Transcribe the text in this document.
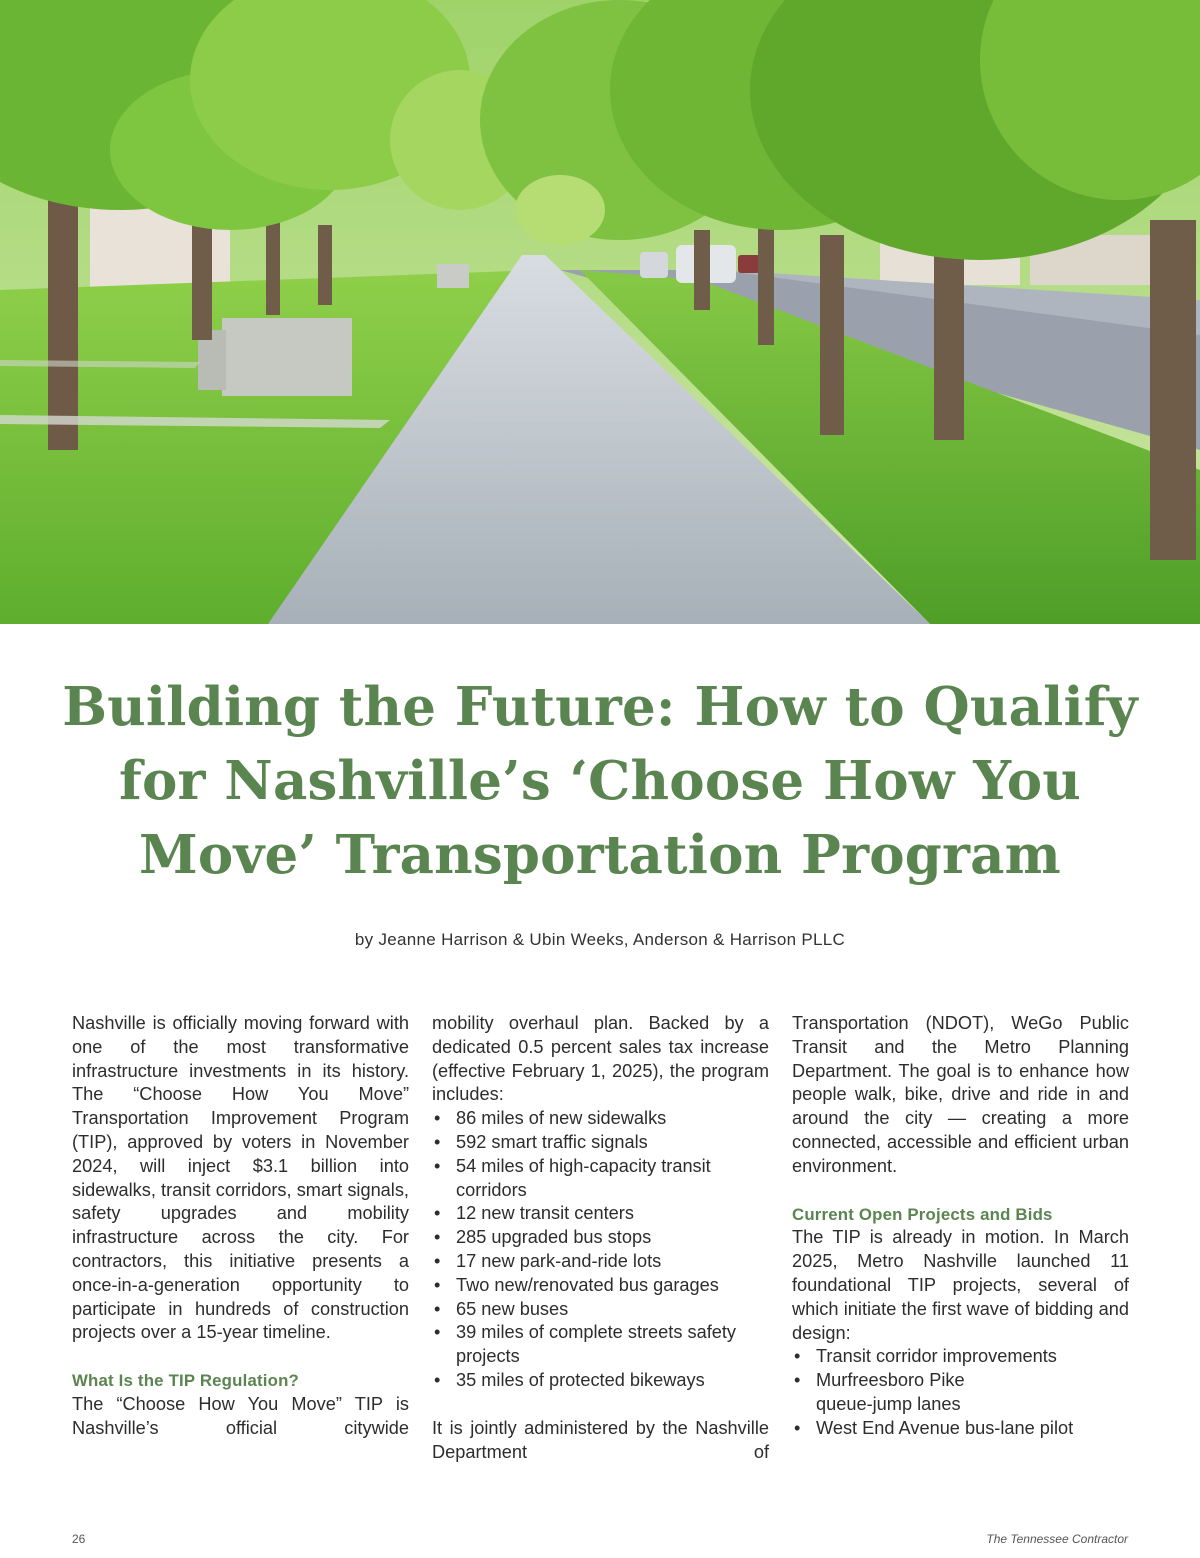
Building the Future: How to Qualify
for Nashville’s ‘Choose How You
Move’ Transportation Program
by Jeanne Harrison & Ubin Weeks, Anderson & Harrison PLLC

Nashville is officially moving forward with one of the most transformative infrastructure investments in its history. The “Choose How You Move” Transportation Improvement Program (TIP), approved by voters in November 2024, will inject $3.1 billion into sidewalks, transit corridors, smart signals, safety upgrades and mobility infrastructure across the city. For contractors, this initiative presents a once-in-a-generation opportunity to participate in hundreds of construction projects over a 15-year timeline.

What Is the TIP Regulation?

The “Choose How You Move” TIP is Nashville’s official citywide

mobility overhaul plan. Backed by a dedicated 0.5 percent sales tax increase (effective February 1, 2025), the program includes:

• 86 miles of new sidewalks
• 592 smart traffic signals
• 54 miles of high-capacity transit corridors
• 12 new transit centers
• 285 upgraded bus stops
• 17 new park-and-ride lots
• Two new/renovated bus garages
• 65 new buses
• 39 miles of complete streets safety projects
• 35 miles of protected bikeways

It is jointly administered by the Nashville Department of

Transportation (NDOT), WeGo Public Transit and the Metro Planning Department. The goal is to enhance how people walk, bike, drive and ride in and around the city — creating a more connected, accessible and efficient urban environment.

Current Open Projects and Bids

The TIP is already in motion. In March 2025, Metro Nashville launched 11 foundational TIP projects, several of which initiate the first wave of bidding and design:

• Transit corridor improvements
• Murfreesboro Pike queue-jump lanes
• West End Avenue bus-lane pilot
26	The Tennessee Contractor
